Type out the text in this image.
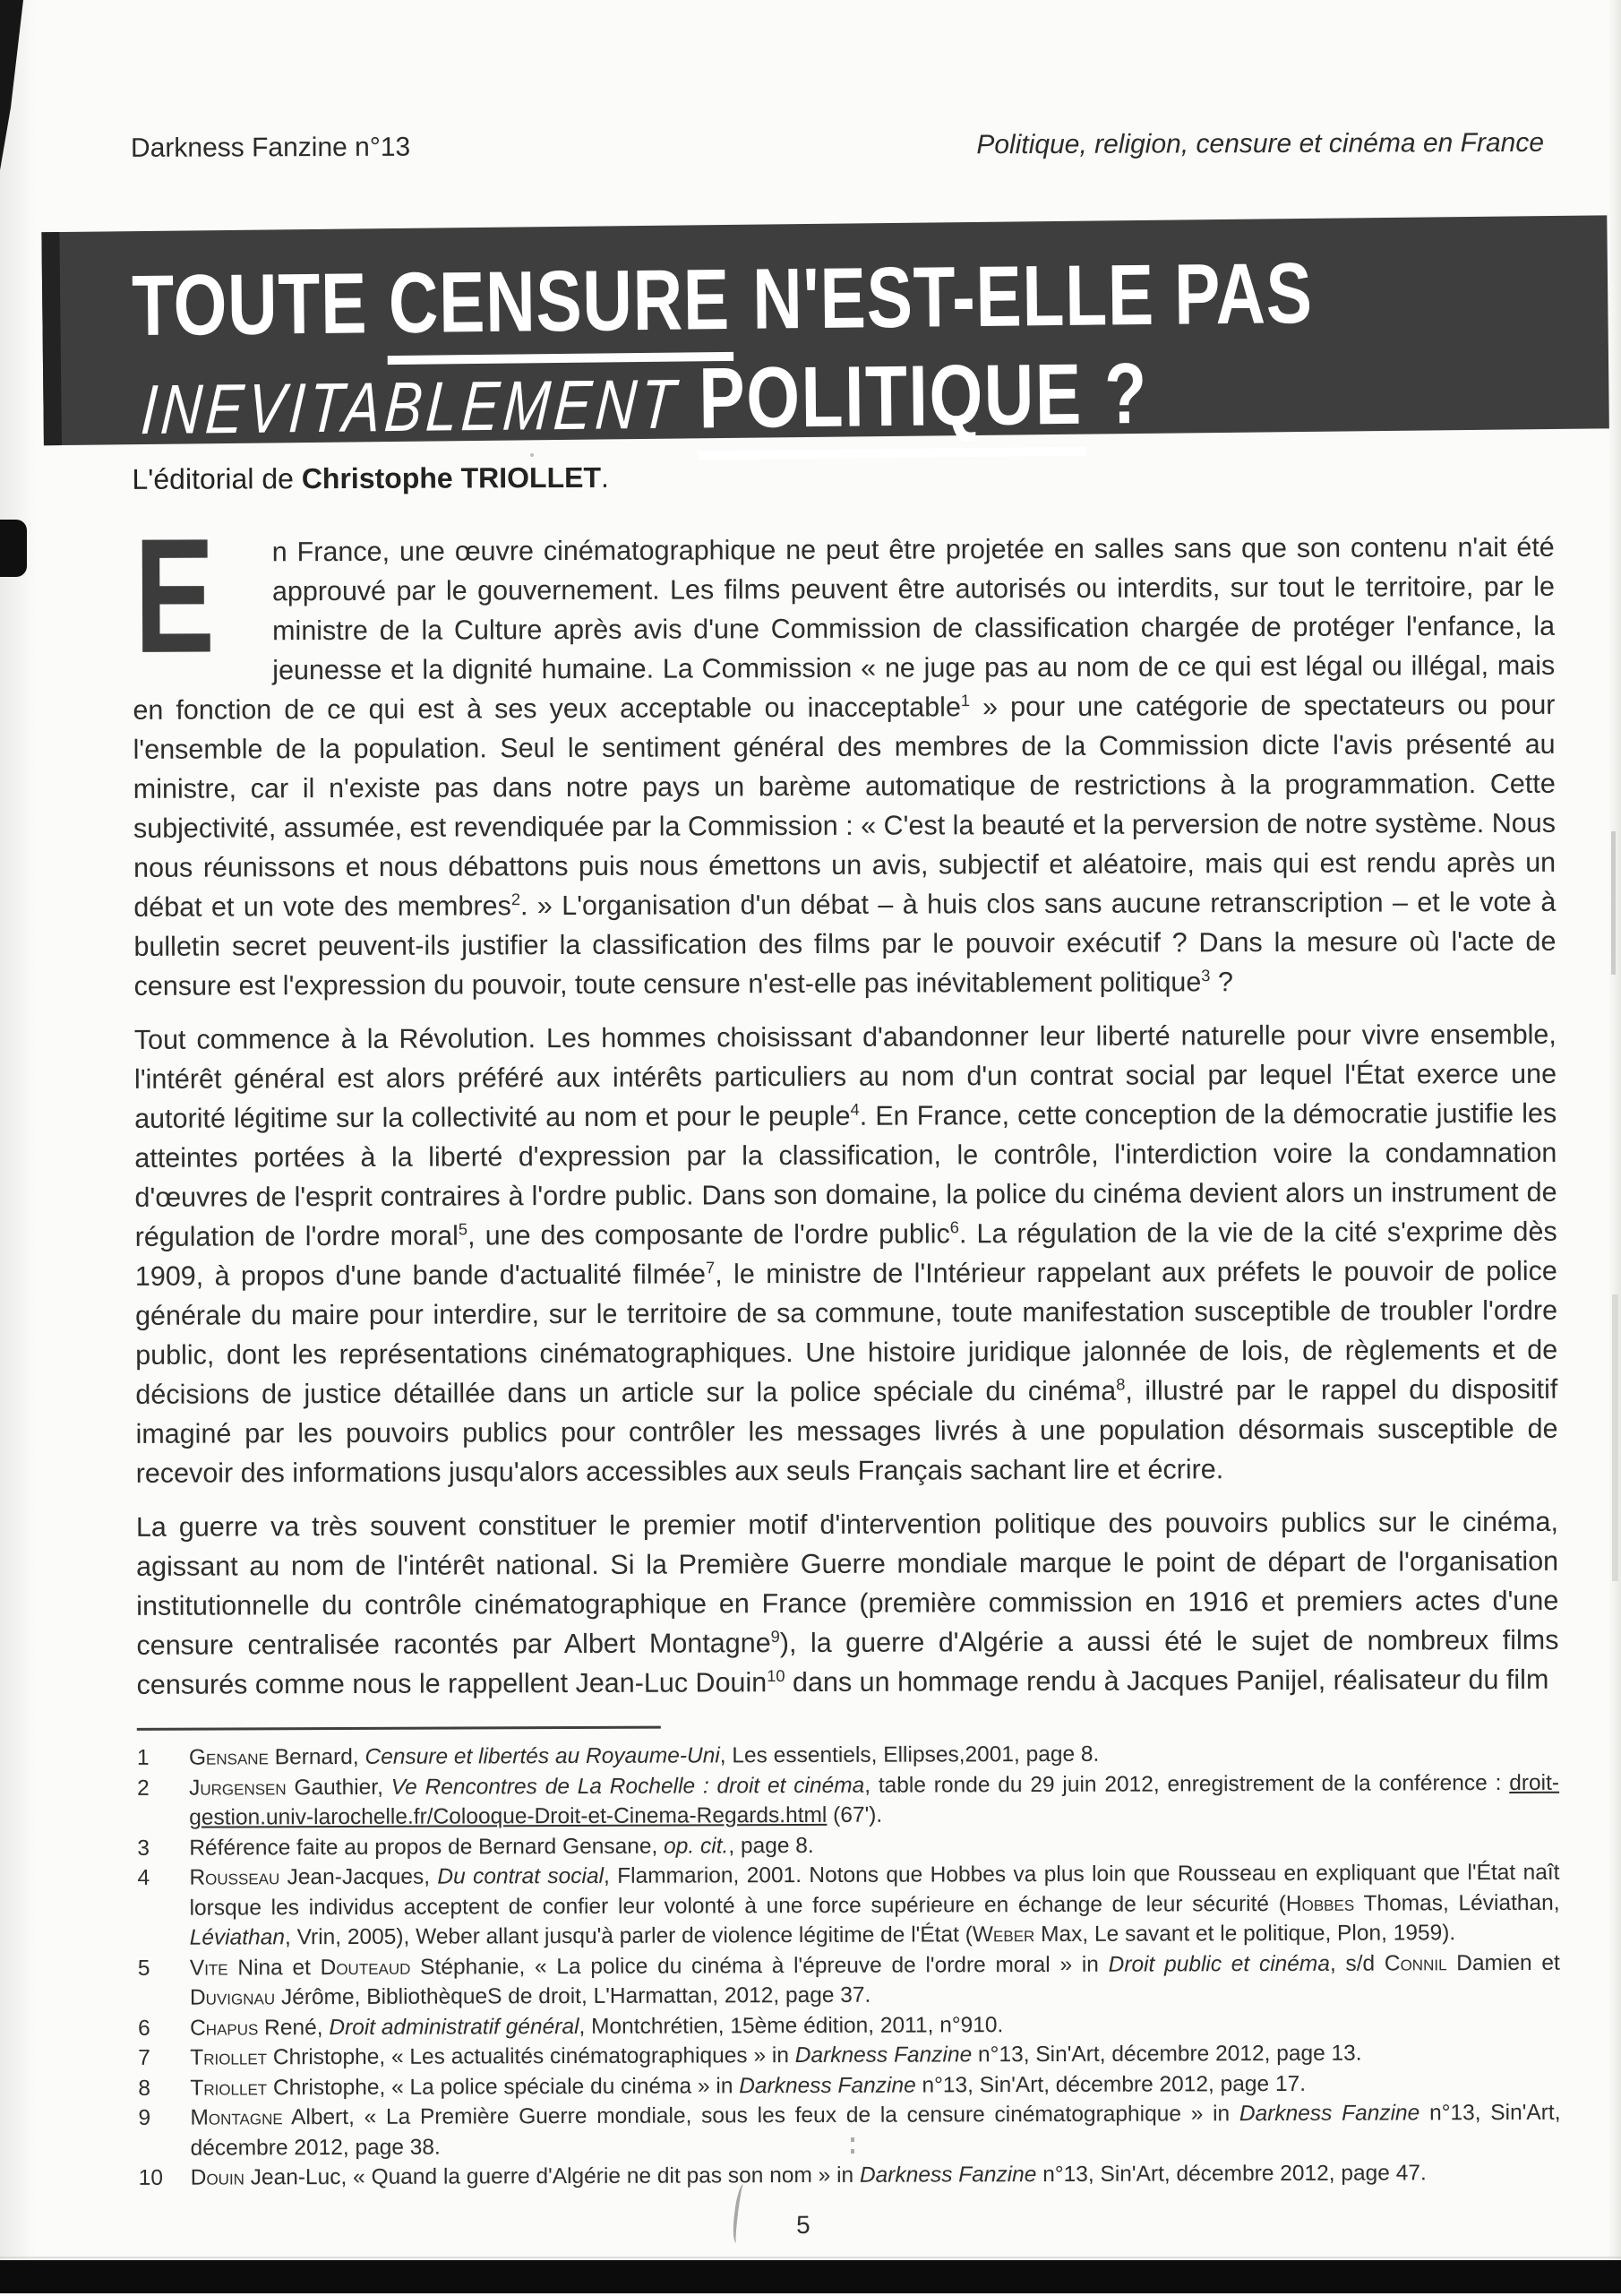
Darkness Fanzine n°13	Politique, religion, censure et cinéma en France
TOUTE CENSURE N'EST-ELLE PAS
INEVITABLEMENT POLITIQUE ?
L'éditorial de Christophe TRIOLLET.

E n France, une œuvre cinématographique ne peut être projetée en salles sans que son contenu n'ait été approuvé par le gouvernement. Les films peuvent être autorisés ou interdits, sur tout le territoire, par le ministre de la Culture après avis d'une Commission de classification chargée de protéger l'enfance, la jeunesse et la dignité humaine. La Commission « ne juge pas au nom de ce qui est légal ou illégal, mais en fonction de ce qui est à ses yeux acceptable ou inacceptable$^1$ » pour une catégorie de spectateurs ou pour l'ensemble de la population. Seul le sentiment général des membres de la Commission dicte l'avis présenté au ministre, car il n'existe pas dans notre pays un barème automatique de restrictions à la programmation. Cette subjectivité, assumée, est revendiquée par la Commission : « C'est la beauté et la perversion de notre système. Nous nous réunissons et nous débattons puis nous émettons un avis, subjectif et aléatoire, mais qui est rendu après un débat et un vote des membres$^2$. » L'organisation d'un débat – à huis clos sans aucune retranscription – et le vote à bulletin secret peuvent-ils justifier la classification des films par le pouvoir exécutif ? Dans la mesure où l'acte de censure est l'expression du pouvoir, toute censure n'est-elle pas inévitablement politique$^3$ ?

Tout commence à la Révolution. Les hommes choisissant d'abandonner leur liberté naturelle pour vivre ensemble, l'intérêt général est alors préféré aux intérêts particuliers au nom d'un contrat social par lequel l'État exerce une autorité légitime sur la collectivité au nom et pour le peuple$^4$. En France, cette conception de la démocratie justifie les atteintes portées à la liberté d'expression par la classification, le contrôle, l'interdiction voire la condamnation d'œuvres de l'esprit contraires à l'ordre public. Dans son domaine, la police du cinéma devient alors un instrument de régulation de l'ordre moral$^5$, une des composante de l'ordre public$^6$. La régulation de la vie de la cité s'exprime dès 1909, à propos d'une bande d'actualité filmée$^7$, le ministre de l'Intérieur rappelant aux préfets le pouvoir de police générale du maire pour interdire, sur le territoire de sa commune, toute manifestation susceptible de troubler l'ordre public, dont les représentations cinématographiques. Une histoire juridique jalonnée de lois, de règlements et de décisions de justice détaillée dans un article sur la police spéciale du cinéma$^8$, illustré par le rappel du dispositif imaginé par les pouvoirs publics pour contrôler les messages livrés à une population désormais susceptible de recevoir des informations jusqu'alors accessibles aux seuls Français sachant lire et écrire.

La guerre va très souvent constituer le premier motif d'intervention politique des pouvoirs publics sur le cinéma, agissant au nom de l'intérêt national. Si la Première Guerre mondiale marque le point de départ de l'organisation institutionnelle du contrôle cinématographique en France (première commission en 1916 et premiers actes d'une censure centralisée racontés par Albert Montagne$^9$), la guerre d'Algérie a aussi été le sujet de nombreux films censurés comme nous le rappellent Jean-Luc Douin$^{10}$ dans un hommage rendu à Jacques Panijel, réalisateur du film

1	Gensane Bernard, Censure et libertés au Royaume-Uni, Les essentiels, Ellipses,2001, page 8.
2	Jurgensen Gauthier, Ve Rencontres de La Rochelle : droit et cinéma, table ronde du 29 juin 2012, enregistrement de la conférence : droit-gestion.univ-larochelle.fr/Colooque-Droit-et-Cinema-Regards.html (67').
3	Référence faite au propos de Bernard Gensane, op. cit., page 8.
4	Rousseau Jean-Jacques, Du contrat social, Flammarion, 2001. Notons que Hobbes va plus loin que Rousseau en expliquant que l'État naît lorsque les individus acceptent de confier leur volonté à une force supérieure en échange de leur sécurité (Hobbes Thomas, Léviathan, Léviathan, Vrin, 2005), Weber allant jusqu'à parler de violence légitime de l'État (Weber Max, Le savant et le politique, Plon, 1959).
5	Vite Nina et Douteaud Stéphanie, « La police du cinéma à l'épreuve de l'ordre moral » in Droit public et cinéma, s/d Connil Damien et Duvignau Jérôme, BibliothèqueS de droit, L'Harmattan, 2012, page 37.
6	Chapus René, Droit administratif général, Montchrétien, 15ème édition, 2011, n°910.
7	Triollet Christophe, « Les actualités cinématographiques » in Darkness Fanzine n°13, Sin'Art, décembre 2012, page 13.
8	Triollet Christophe, « La police spéciale du cinéma » in Darkness Fanzine n°13, Sin'Art, décembre 2012, page 17.
9	Montagne Albert, « La Première Guerre mondiale, sous les feux de la censure cinématographique » in Darkness Fanzine n°13, Sin'Art, décembre 2012, page 38.
10	Douin Jean-Luc, « Quand la guerre d'Algérie ne dit pas son nom » in Darkness Fanzine n°13, Sin'Art, décembre 2012, page 47.
5
